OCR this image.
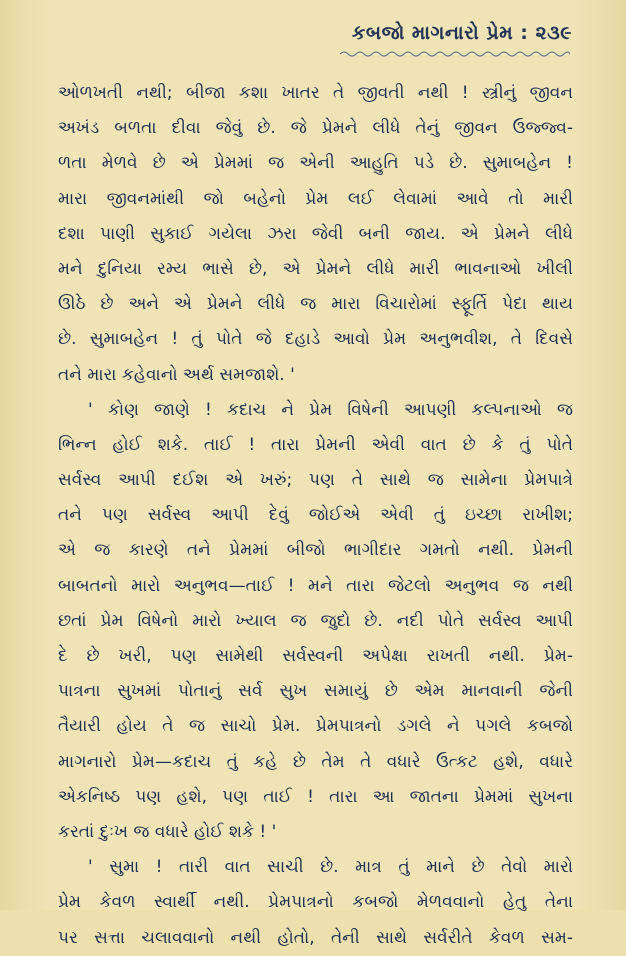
કબજો માગનારો પ્રેમ : ૨૩૯
ઓળખતી નથી; બીજા કશા ખાતર તે જીવતી નથી ! સ્ત્રીનું જીવન
અખંડ બળતા દીવા જેવું છે. જે પ્રેમને લીધે તેનું જીવન ઉજ્જ્વ-
ળતા મેળવે છે એ પ્રેમમાં જ એની આહુતિ પડે છે. સુમાબહેન !
મારા જીવનમાંથી જો બહેનો પ્રેમ લઈ લેવામાં આવે તો મારી
દશા પાણી સુકાઈ ગયેલા ઝરા જેવી બની જાય. એ પ્રેમને લીધે
મને દુનિયા રમ્ય ભાસે છે, એ પ્રેમને લીધે મારી ભાવનાઓ ખીલી
ઊઠે છે અને એ પ્રેમને લીધે જ મારા વિચારોમાં સ્ફૂર્તિ પેદા થાય
છે. સુમાબહેન ! તું પોતે જે દહાડે આવો પ્રેમ અનુભવીશ, તે દિવસે
તને મારા કહેવાનો અર્થ સમજાશે. '
' કોણ જાણે ! કદાચ ને પ્રેમ વિષેની આપણી કલ્પનાઓ જ
ભિન્ન હોઈ શકે. તાઈ ! તારા પ્રેમની એવી વાત છે કે તું પોતે
સર્વસ્વ આપી દઈશ એ ખરું; પણ તે સાથે જ સામેના પ્રેમપાત્રે
તને પણ સર્વસ્વ આપી દેવું જોઈએ એવી તું ઇચ્છા રાખીશ;
એ જ કારણે તને પ્રેમમાં બીજો ભાગીદાર ગમતો નથી. પ્રેમની
બાબતનો મારો અનુભવ—તાઈ ! મને તારા જેટલો અનુભવ જ નથી
છતાં પ્રેમ વિષેનો મારો ખ્યાલ જ જુદો છે. નદી પોતે સર્વસ્વ આપી
દે છે ખરી, પણ સામેથી સર્વસ્વની અપેક્ષા રાખતી નથી. પ્રેમ-
પાત્રના સુખમાં પોતાનું સર્વ સુખ સમાયું છે એમ માનવાની જેની
તૈયારી હોય તે જ સાચો પ્રેમ. પ્રેમપાત્રનો ડગલે ને પગલે કબજો
માગનારો પ્રેમ—કદાચ તું કહે છે તેમ તે વધારે ઉત્કટ હશે, વધારે
એકનિષ્ઠ પણ હશે, પણ તાઈ ! તારા આ જાતના પ્રેમમાં સુખના
કરતાં દુઃખ જ વધારે હોઈ શકે ! '
' સુમા ! તારી વાત સાચી છે. માત્ર તું માને છે તેવો મારો
પ્રેમ કેવળ સ્વાર્થી નથી. પ્રેમપાત્રનો કબજો મેળવવાનો હેતુ તેના
પર સત્તા ચલાવવાનો નથી હોતો, તેની સાથે સર્વરીતે કેવળ સમ-
